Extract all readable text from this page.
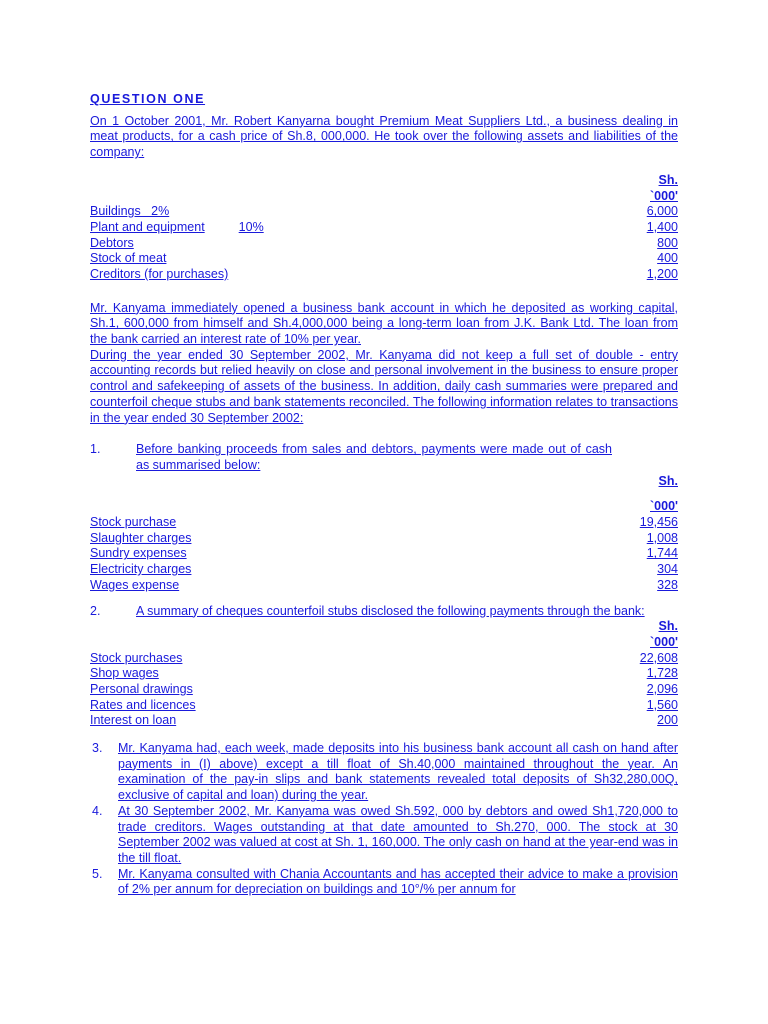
QUESTION ONE

On 1 October 2001, Mr. Robert Kanyarna bought Premium Meat Suppliers Ltd., a business dealing in meat products, for a cash price of Sh.8, 000,000. He took over the following assets and liabilities of the company:

Sh.
`000'
Buildings   2%	6,000
Plant and equipment	10%	1,400
Debtors	800
Stock of meat	400
Creditors (for purchases)	1,200

Mr. Kanyama immediately opened a business bank account in which he deposited as working capital, Sh.1, 600,000 from himself and Sh.4,000,000 being a long-term loan from J.K. Bank Ltd. The loan from the bank carried an interest rate of 10% per year.

During the year ended 30 September 2002, Mr. Kanyama did not keep a full set of double - entry accounting records but relied heavily on close and personal involvement in the business to ensure proper control and safekeeping of assets of the business. In addition, daily cash summaries were prepared and counterfoil cheque stubs and bank statements reconciled. The following information relates to transactions in the year ended 30 September 2002:

1.	Before banking proceeds from sales and debtors, payments were made out of cash as summarised below:
Sh.
`000'
Stock purchase	19,456
Slaughter charges	1,008
Sundry expenses	1,744
Electricity charges	304
Wages expense	328
2.	A summary of cheques counterfoil stubs disclosed the following payments through the bank:
Sh.
`000'
Stock purchases	22,608
Shop wages	1,728
Personal drawings	2,096
Rates and licences	1,560
Interest on loan	200
3.	Mr. Kanyama had, each week, made deposits into his business bank account all cash on hand after payments in (I) above) except a till float of Sh.40,000 maintained throughout the year. An examination of the pay-in slips and bank statements revealed total deposits of Sh32,280,00Q, exclusive of capital and loan) during the year.
4.	At 30 September 2002, Mr. Kanyama was owed Sh.592, 000 by debtors and owed Sh1,720,000 to trade creditors. Wages outstanding at that date amounted to Sh.270, 000. The stock at 30 September 2002 was valued at cost at Sh. 1, 160,000. The only cash on hand at the year-end was in the till float.
5.	Mr. Kanyama consulted with Chania Accountants and has accepted their advice to make a provision of 2% per annum for depreciation on buildings and 10°/% per annum for
